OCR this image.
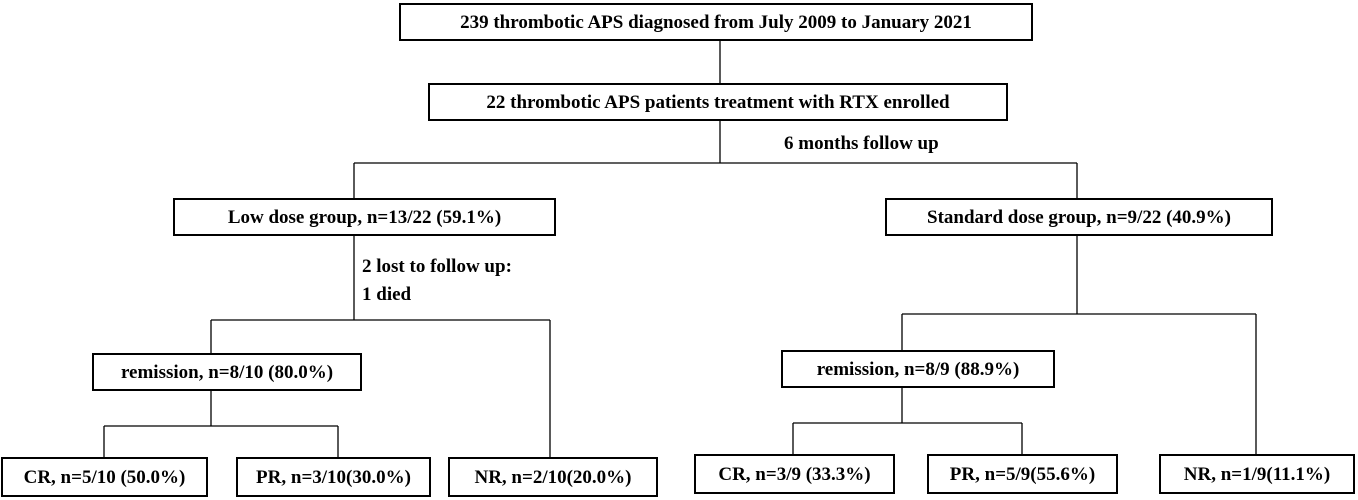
239 thrombotic APS diagnosed from July 2009 to January 2021
22 thrombotic APS patients treatment with RTX enrolled
6 months follow up
Low dose group, n=13/22 (59.1%)	Standard dose group, n=9/22 (40.9%)
2 lost to follow up:
1 died
remission, n=8/10 (80.0%)	remission, n=8/9 (88.9%)
CR, n=5/10 (50.0%)	PR, n=3/10(30.0%)	NR, n=2/10(20.0%)	CR, n=3/9 (33.3%)	PR, n=5/9(55.6%)	NR, n=1/9(11.1%)
